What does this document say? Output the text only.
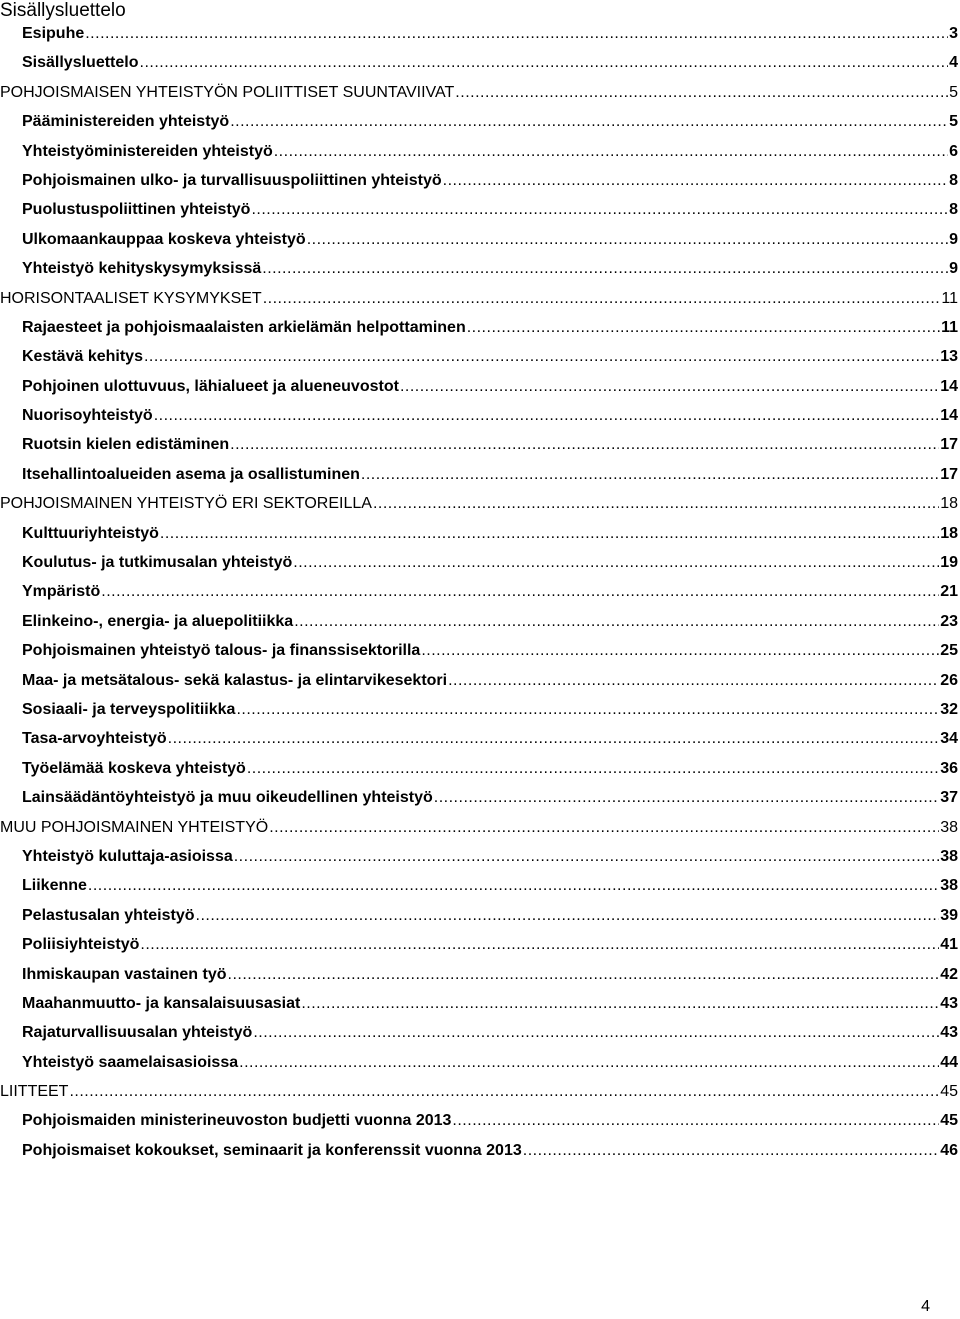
Sisällysluettelo
Esipuhe .....	3
Sisällysluettelo .....	4
POHJOISMAISEN YHTEISTYÖN POLIITTISET SUUNTAVIIVAT .....	5
Pääministereiden yhteistyö .....	5
Yhteistyöministereiden yhteistyö .....	6
Pohjoismainen ulko- ja turvallisuuspoliittinen yhteistyö .....	8
Puolustuspoliittinen yhteistyö .....	8
Ulkomaankauppaa koskeva yhteistyö .....	9
Yhteistyö kehityskysymyksissä .....	9
HORISONTAALISET KYSYMYKSET .....	11
Rajaesteet ja pohjoismaalaisten arkielämän helpottaminen .....	11
Kestävä kehitys .....	13
Pohjoinen ulottuvuus, lähialueet ja alueneuvostot .....	14
Nuorisoyhteistyö .....	14
Ruotsin kielen edistäminen .....	17
Itsehallintoalueiden asema ja osallistuminen .....	17
POHJOISMAINEN YHTEISTYÖ ERI SEKTOREILLA .....	18
Kulttuuriyhteistyö .....	18
Koulutus- ja tutkimusalan yhteistyö .....	19
Ympäristö .....	21
Elinkeino-, energia- ja aluepolitiikka .....	23
Pohjoismainen yhteistyö talous- ja finanssisektorilla .....	25
Maa- ja metsätalous- sekä kalastus- ja elintarvikesektori .....	26
Sosiaali- ja terveyspolitiikka .....	32
Tasa-arvoyhteistyö .....	34
Työelämää koskeva yhteistyö .....	36
Lainsäädäntöyhteistyö ja muu oikeudellinen yhteistyö .....	37
MUU POHJOISMAINEN YHTEISTYÖ .....	38
Yhteistyö kuluttaja-asioissa .....	38
Liikenne .....	38
Pelastusalan yhteistyö .....	39
Poliisiyhteistyö .....	41
Ihmiskaupan vastainen työ .....	42
Maahanmuutto- ja kansalaisuusasiat .....	43
Rajaturvallisuusalan yhteistyö .....	43
Yhteistyö saamelaisasioissa .....	44
LIITTEET .....	45
Pohjoismaiden ministerineuvoston budjetti vuonna 2013 .....	45
Pohjoismaiset kokoukset, seminaarit ja konferenssit vuonna 2013 .....	46
4
